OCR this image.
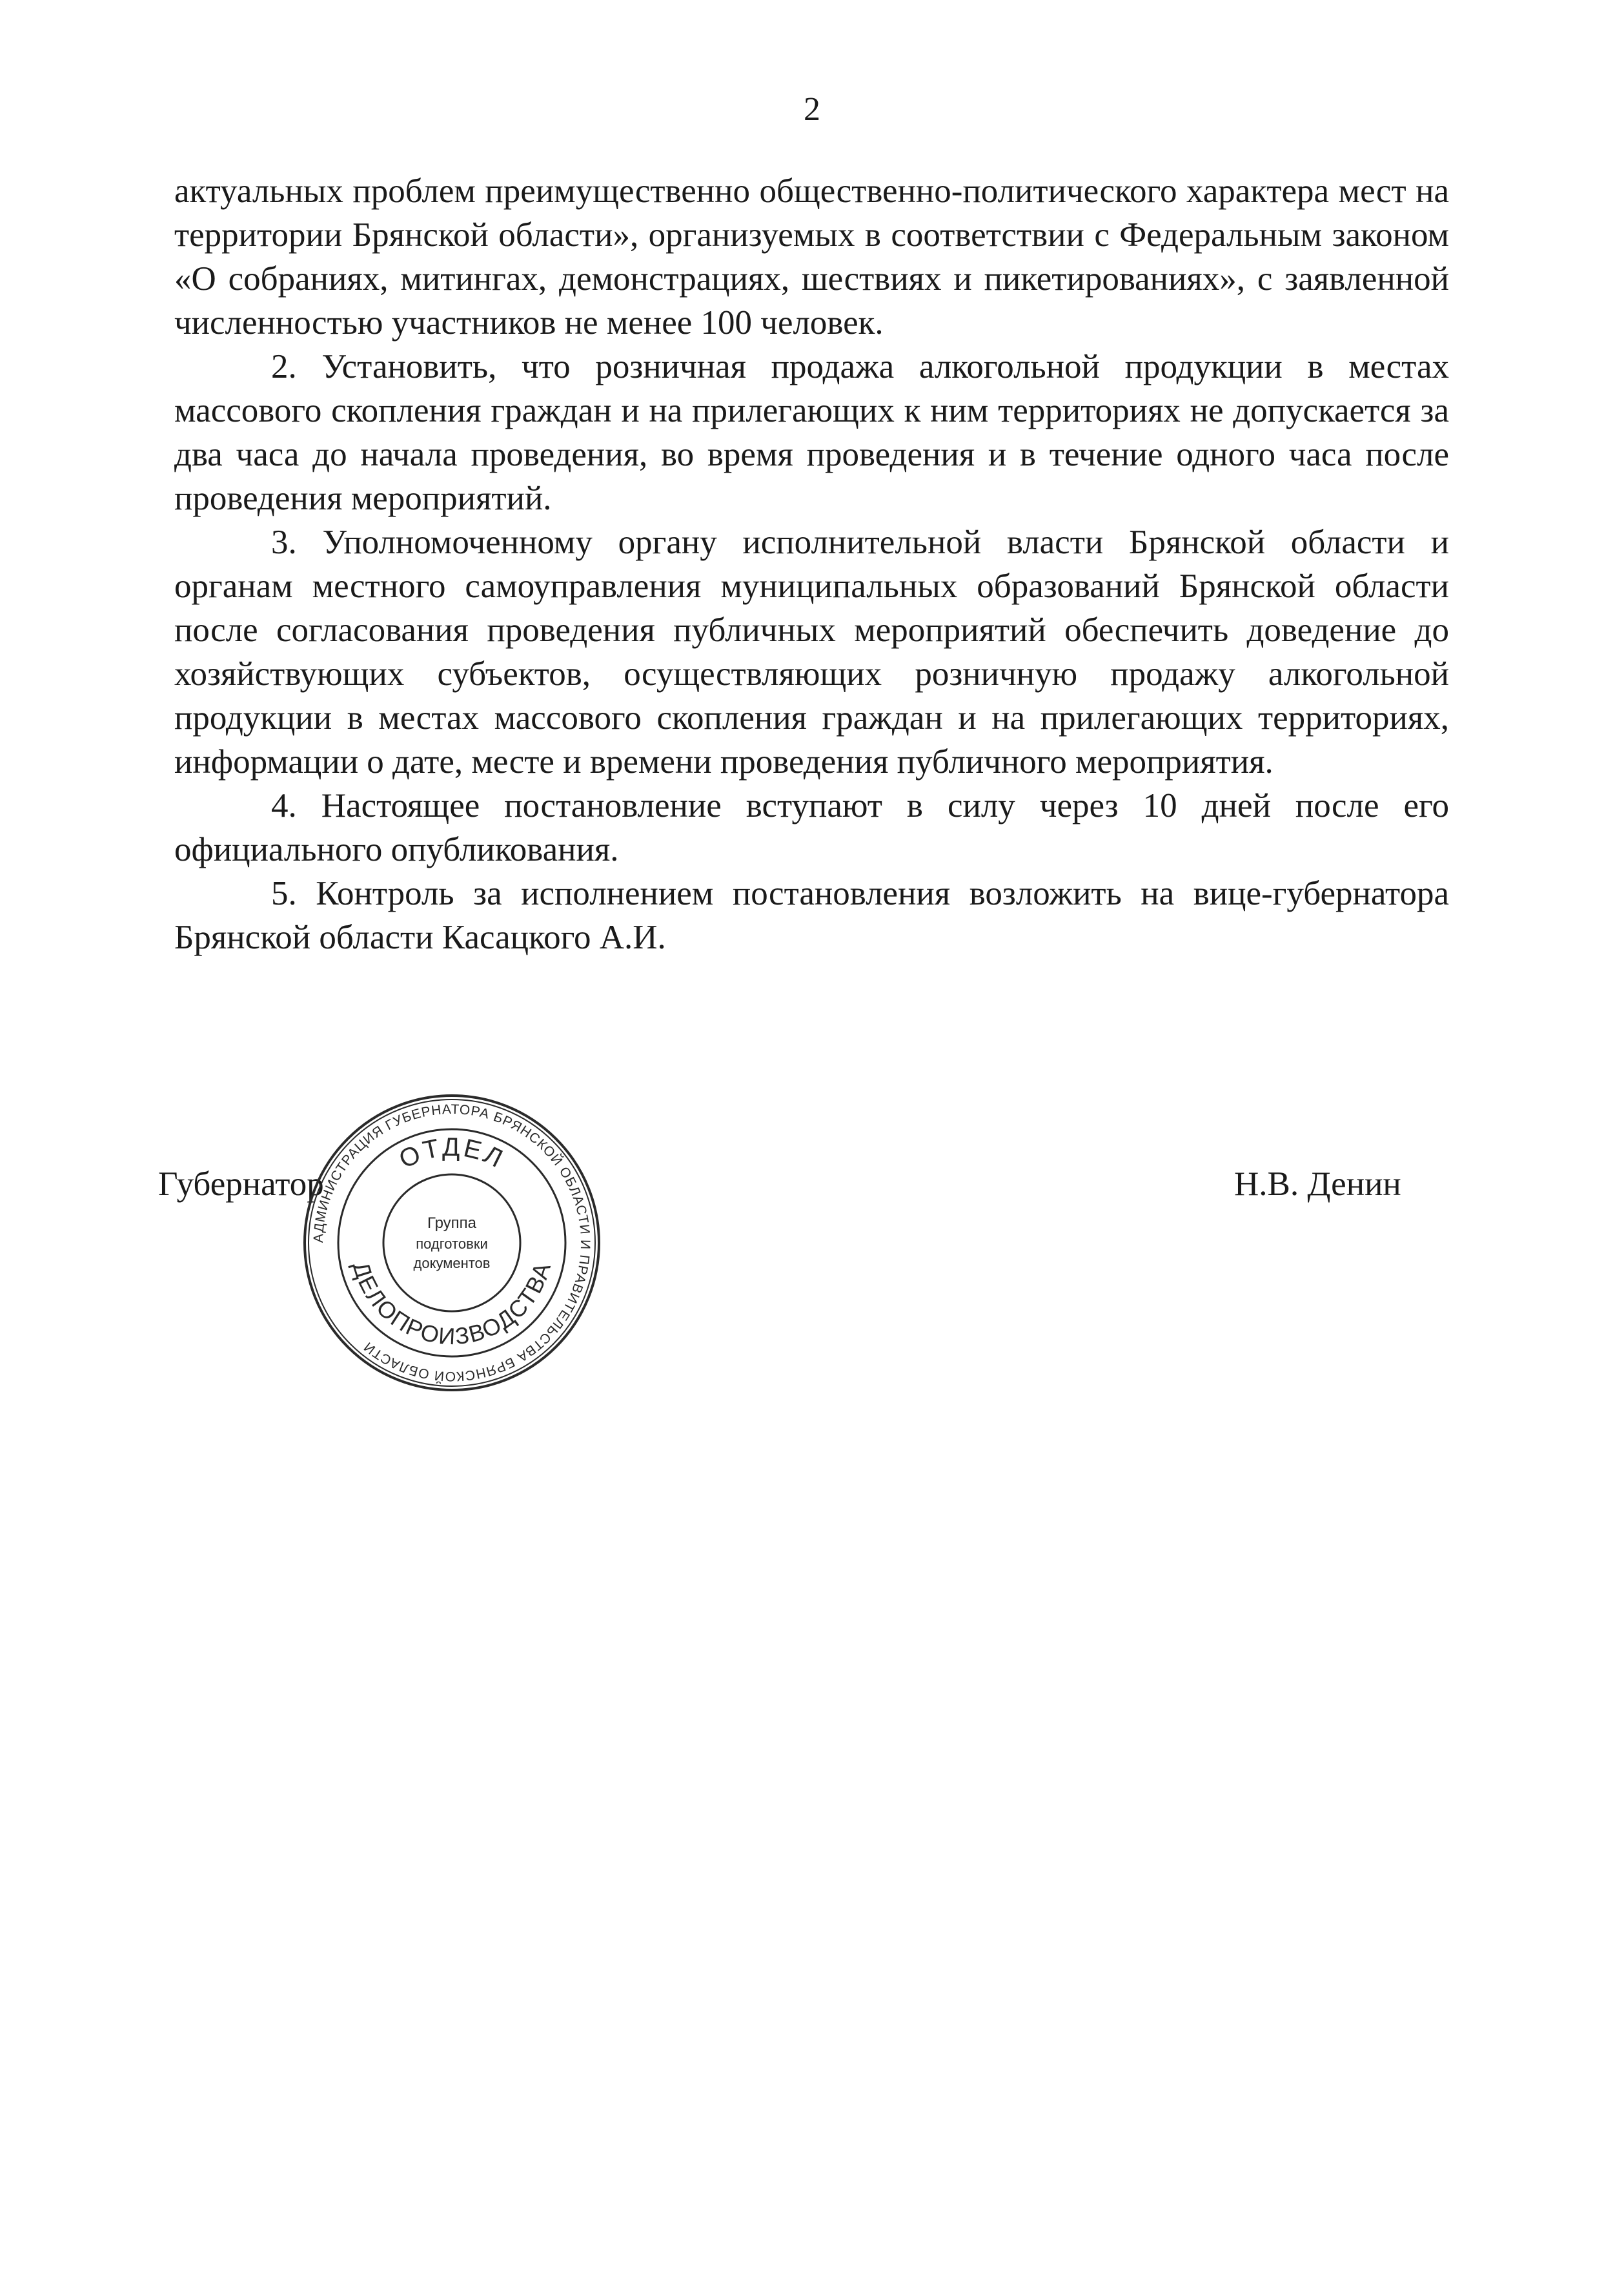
2

актуальных проблем преимущественно общественно-политического характера мест на территории Брянской области», организуемых в соответствии с Федеральным законом «О собраниях, митингах, демонстрациях, шествиях и пикетированиях», с заявленной численностью участников не менее 100 человек.

2. Установить, что розничная продажа алкогольной продукции в местах массового скопления граждан и на прилегающих к ним территориях не допускается за два часа до начала проведения, во время проведения и в течение одного часа после проведения мероприятий.

3. Уполномоченному органу исполнительной власти Брянской области и органам местного самоуправления муниципальных образований Брянской области после согласования проведения публичных мероприятий обеспечить доведение до хозяйствующих субъектов, осуществляющих розничную продажу алкогольной продукции в местах массового скопления граждан и на прилегающих территориях, информации о дате, месте и времени проведения публичного мероприятия.

4. Настоящее постановление вступают в силу через 10 дней после его официального опубликования.

5. Контроль за исполнением постановления возложить на вице-губернатора Брянской области Касацкого А.И.

Губернатор	Н.В. Денин
АДМИНИСТРАЦИЯ ГУБЕРНАТОРА БРЯНСКОЙ ОБЛАСТИ И ПРАВИТЕЛЬСТВА БРЯНСКОЙ ОБЛАСТИ
ОТДЕЛ
ДЕЛОПРОИЗВОДСТВА
Группа
подготовки
документов
